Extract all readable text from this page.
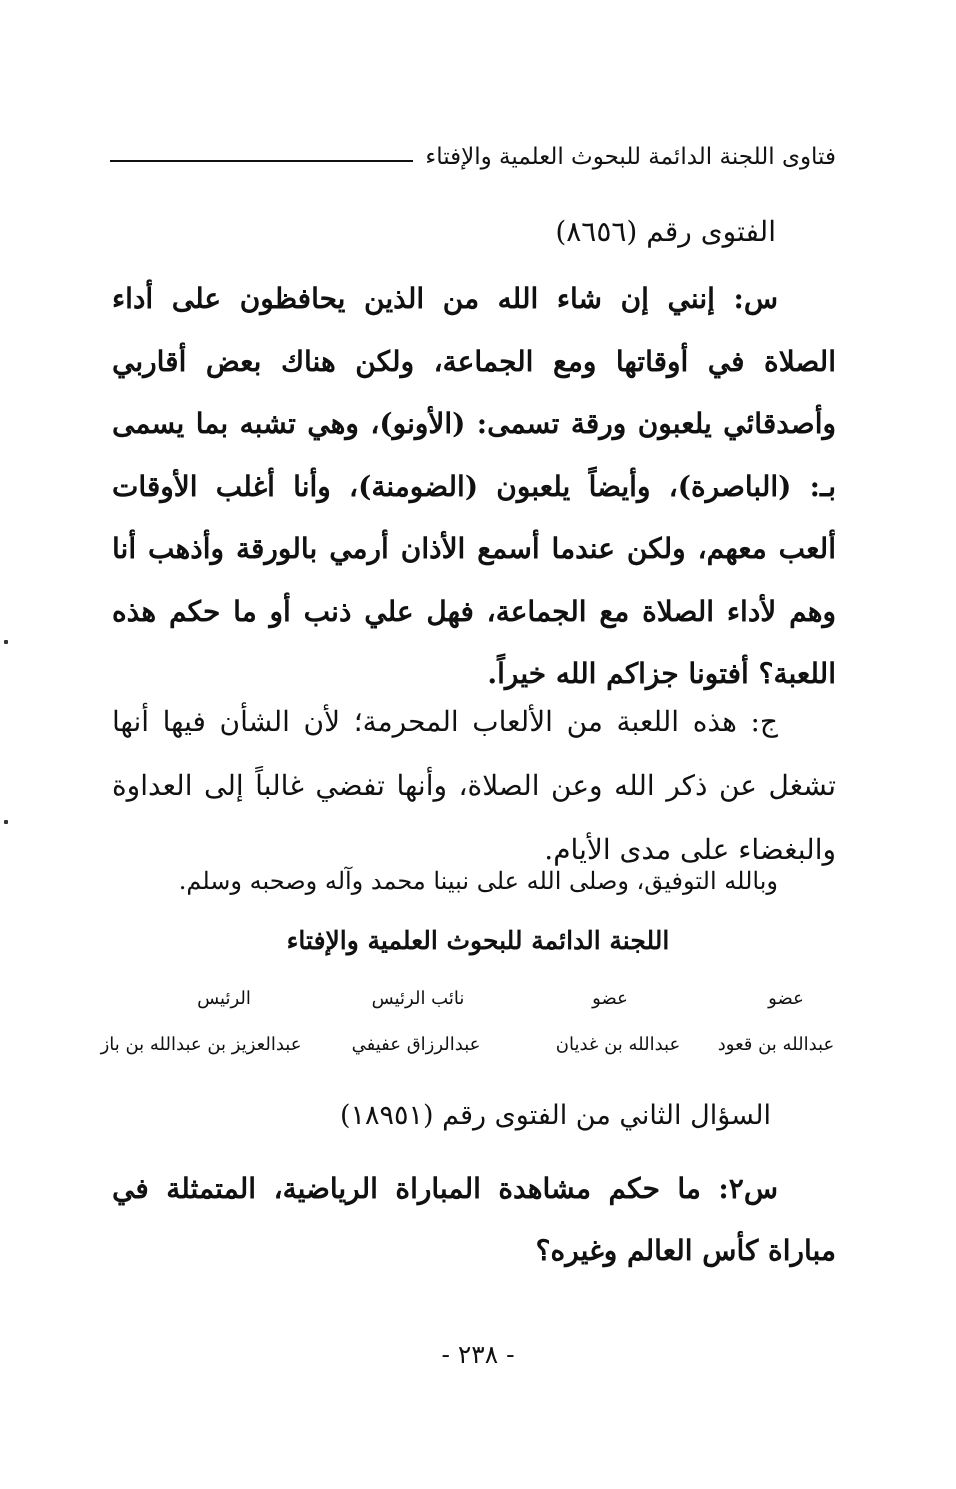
فتاوى اللجنة الدائمة للبحوث العلمية والإفتاء
الفتوى رقم (٨٦٥٦)
س: إنني إن شاء الله من الذين يحافظون على أداء الصلاة في أوقاتها ومع الجماعة، ولكن هناك بعض أقاربي وأصدقائي يلعبون ورقة تسمى: (الأونو)، وهي تشبه بما يسمى بـ: (الباصرة)، وأيضاً يلعبون (الضومنة)، وأنا أغلب الأوقات ألعب معهم، ولكن عندما أسمع الأذان أرمي بالورقة وأذهب أنا وهم لأداء الصلاة مع الجماعة، فهل علي ذنب أو ما حكم هذه اللعبة؟ أفتونا جزاكم الله خيراً.
ج: هذه اللعبة من الألعاب المحرمة؛ لأن الشأن فيها أنها تشغل عن ذكر الله وعن الصلاة، وأنها تفضي غالباً إلى العداوة والبغضاء على مدى الأيام.
وبالله التوفيق، وصلى الله على نبينا محمد وآله وصحبه وسلم.
اللجنة الدائمة للبحوث العلمية والإفتاء
عضو
عضو
نائب الرئيس
الرئيس
عبدالله بن قعود
عبدالله بن غديان
عبدالرزاق عفيفي
عبدالعزيز بن عبدالله بن باز
السؤال الثاني من الفتوى رقم (١٨٩٥١)
س٢: ما حكم مشاهدة المباراة الرياضية، المتمثلة في مباراة كأس العالم وغيره؟
- ٢٣٨ -
